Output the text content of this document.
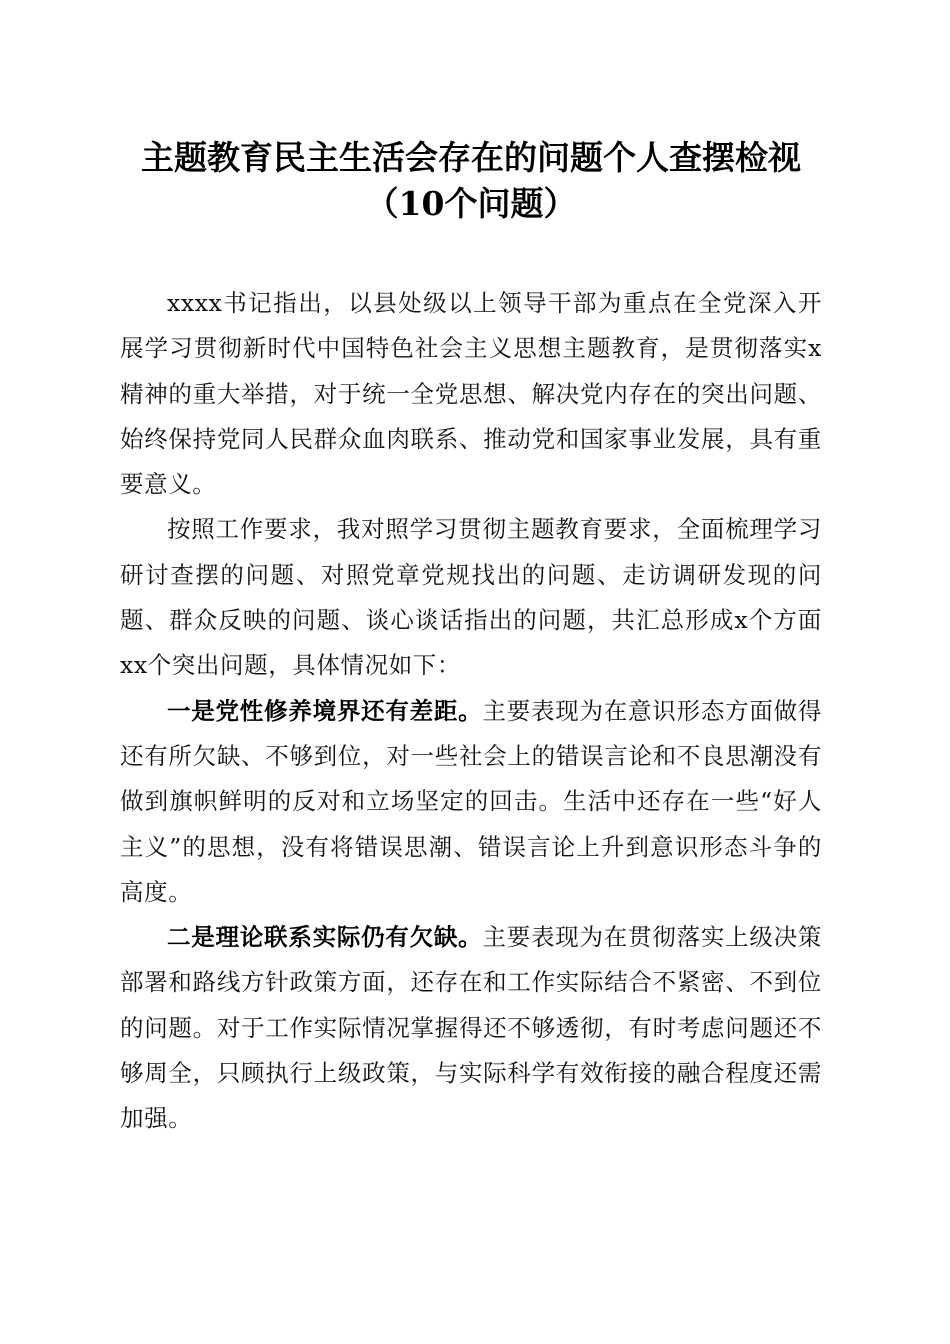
主题教育民主生活会存在的问题个人查摆检视
（10个问题）

xxxx书记指出，以县处级以上领导干部为重点在全党深入开展学习贯彻新时代中国特色社会主义思想主题教育，是贯彻落实x精神的重大举措，对于统一全党思想、解决党内存在的突出问题、始终保持党同人民群众血肉联系、推动党和国家事业发展，具有重要意义。

按照工作要求，我对照学习贯彻主题教育要求，全面梳理学习研讨查摆的问题、对照党章党规找出的问题、走访调研发现的问题、群众反映的问题、谈心谈话指出的问题，共汇总形成x个方面xx个突出问题，具体情况如下：

一是党性修养境界还有差距。主要表现为在意识形态方面做得还有所欠缺、不够到位，对一些社会上的错误言论和不良思潮没有做到旗帜鲜明的反对和立场坚定的回击。生活中还存在一些“好人主义”的思想，没有将错误思潮、错误言论上升到意识形态斗争的高度。

二是理论联系实际仍有欠缺。主要表现为在贯彻落实上级决策部署和路线方针政策方面，还存在和工作实际结合不紧密、不到位的问题。对于工作实际情况掌握得还不够透彻，有时考虑问题还不够周全，只顾执行上级政策，与实际科学有效衔接的融合程度还需加强。
